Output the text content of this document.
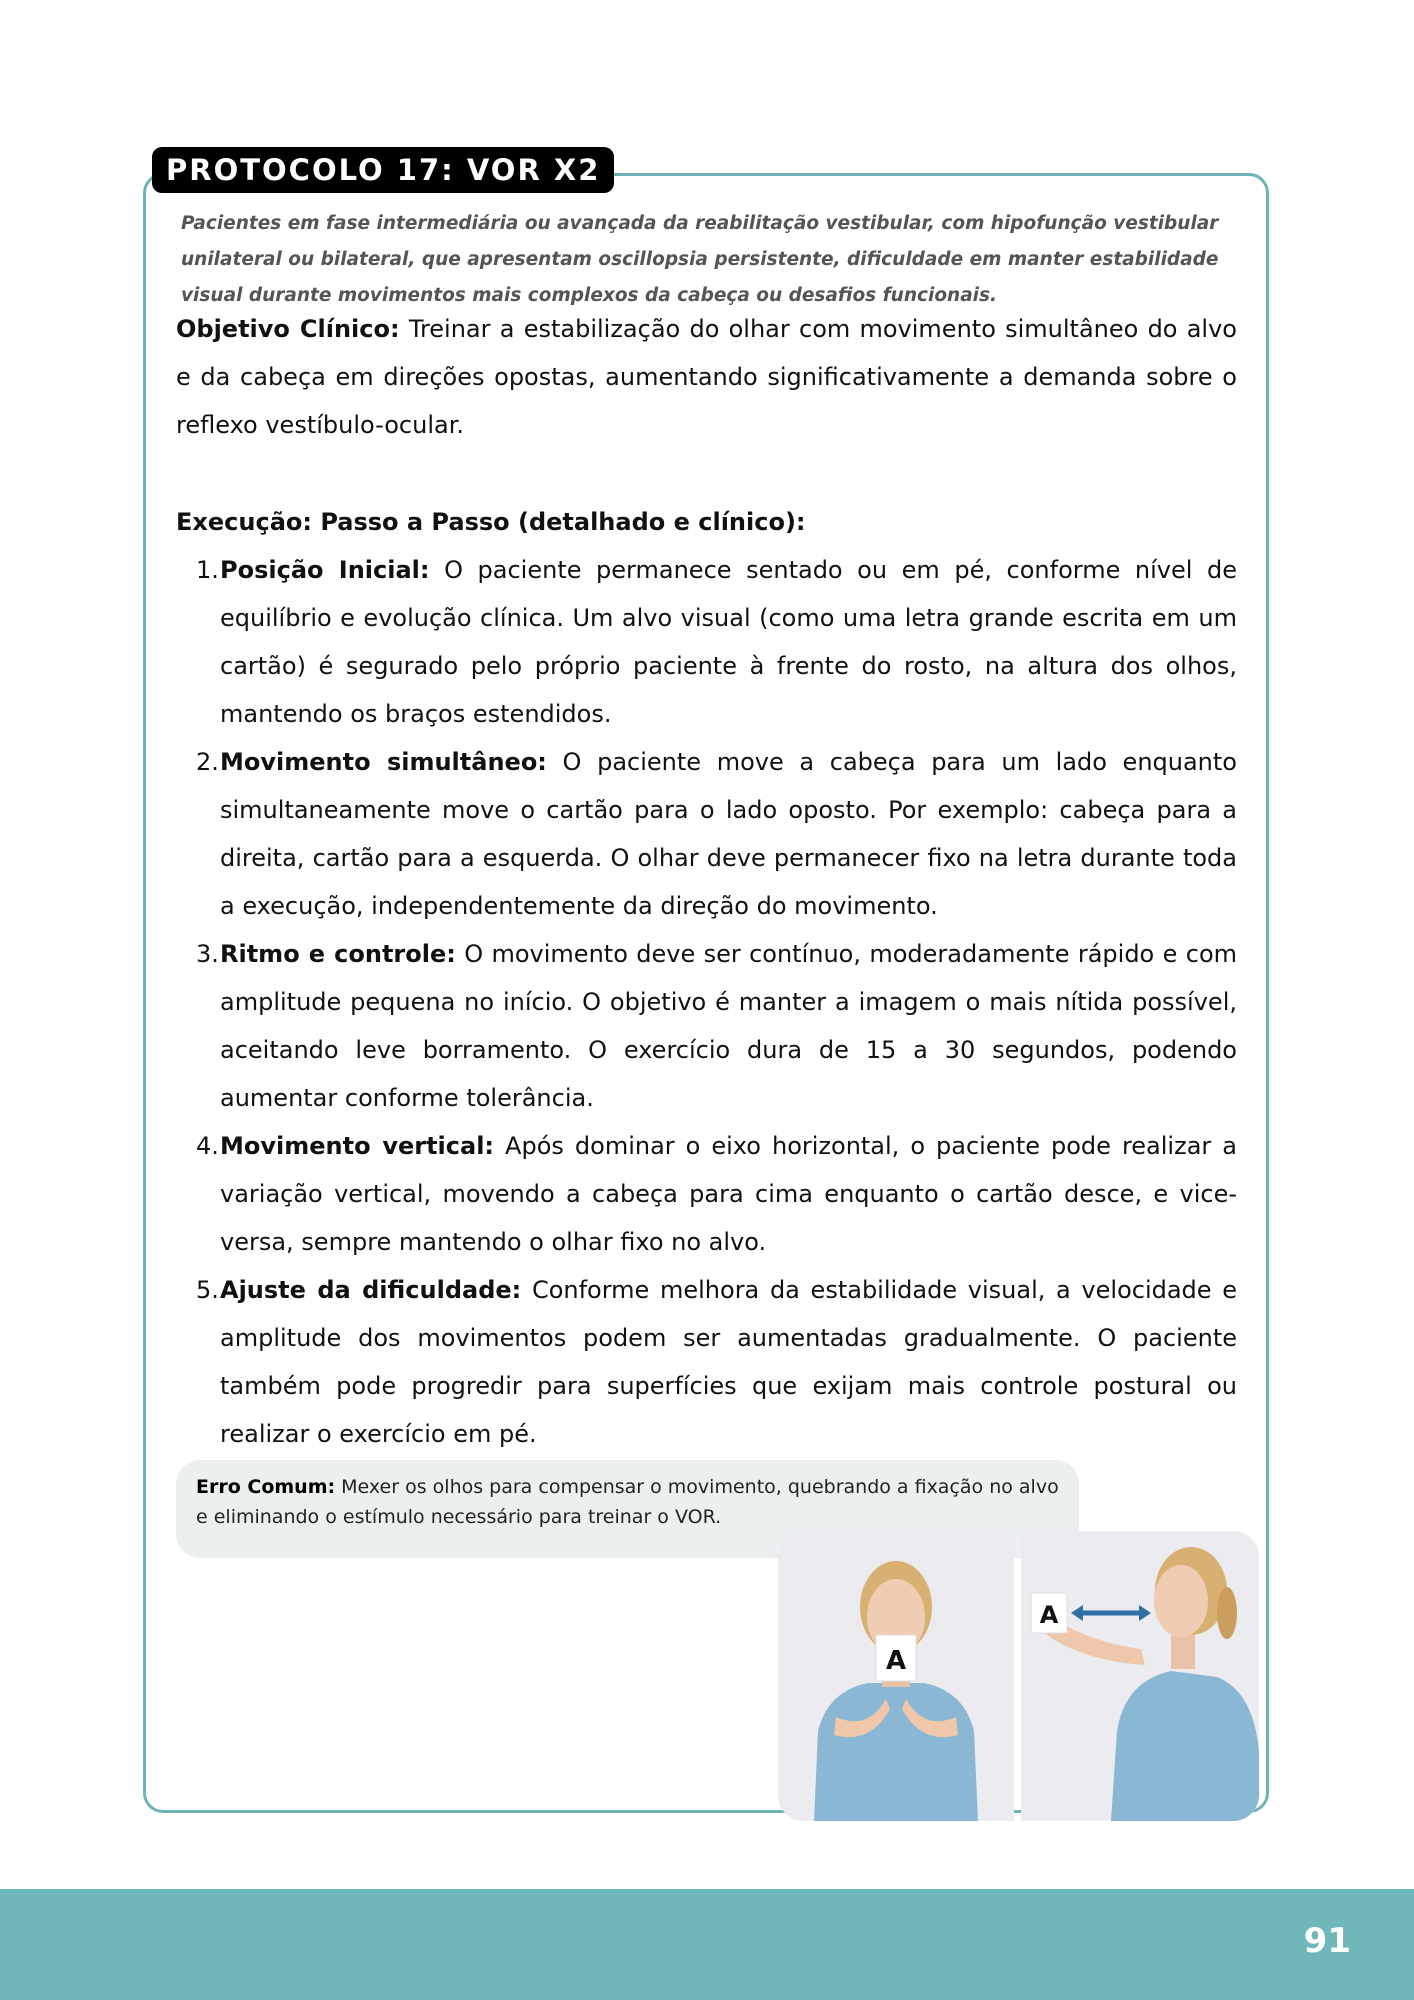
PROTOCOLO 17: VOR X2

Pacientes em fase intermediária ou avançada da reabilitação vestibular, com hipofunção vestibular unilateral ou bilateral, que apresentam oscillopsia persistente, dificuldade em manter estabilidade visual durante movimentos mais complexos da cabeça ou desafios funcionais.

Objetivo Clínico: Treinar a estabilização do olhar com movimento simultâneo do alvo e da cabeça em direções opostas, aumentando significativamente a demanda sobre o reflexo vestíbulo-ocular.

Execução: Passo a Passo (detalhado e clínico):

1. Posição Inicial: O paciente permanece sentado ou em pé, conforme nível de equilíbrio e evolução clínica. Um alvo visual (como uma letra grande escrita em um cartão) é segurado pelo próprio paciente à frente do rosto, na altura dos olhos, mantendo os braços estendidos.
2. Movimento simultâneo: O paciente move a cabeça para um lado enquanto simultaneamente move o cartão para o lado oposto. Por exemplo: cabeça para a direita, cartão para a esquerda. O olhar deve permanecer fixo na letra durante toda a execução, independentemente da direção do movimento.
3. Ritmo e controle: O movimento deve ser contínuo, moderadamente rápido e com amplitude pequena no início. O objetivo é manter a imagem o mais nítida possível, aceitando leve borramento. O exercício dura de 15 a 30 segundos, podendo aumentar conforme tolerância.
4. Movimento vertical: Após dominar o eixo horizontal, o paciente pode realizar a variação vertical, movendo a cabeça para cima enquanto o cartão desce, e vice-versa, sempre mantendo o olhar fixo no alvo.
5. Ajuste da dificuldade: Conforme melhora da estabilidade visual, a velocidade e amplitude dos movimentos podem ser aumentadas gradualmente. O paciente também pode progredir para superfícies que exijam mais controle postural ou realizar o exercício em pé.
Erro Comum: Mexer os olhos para compensar o movimento, quebrando a fixação no alvo e eliminando o estímulo necessário para treinar o VOR.
A
A
91
